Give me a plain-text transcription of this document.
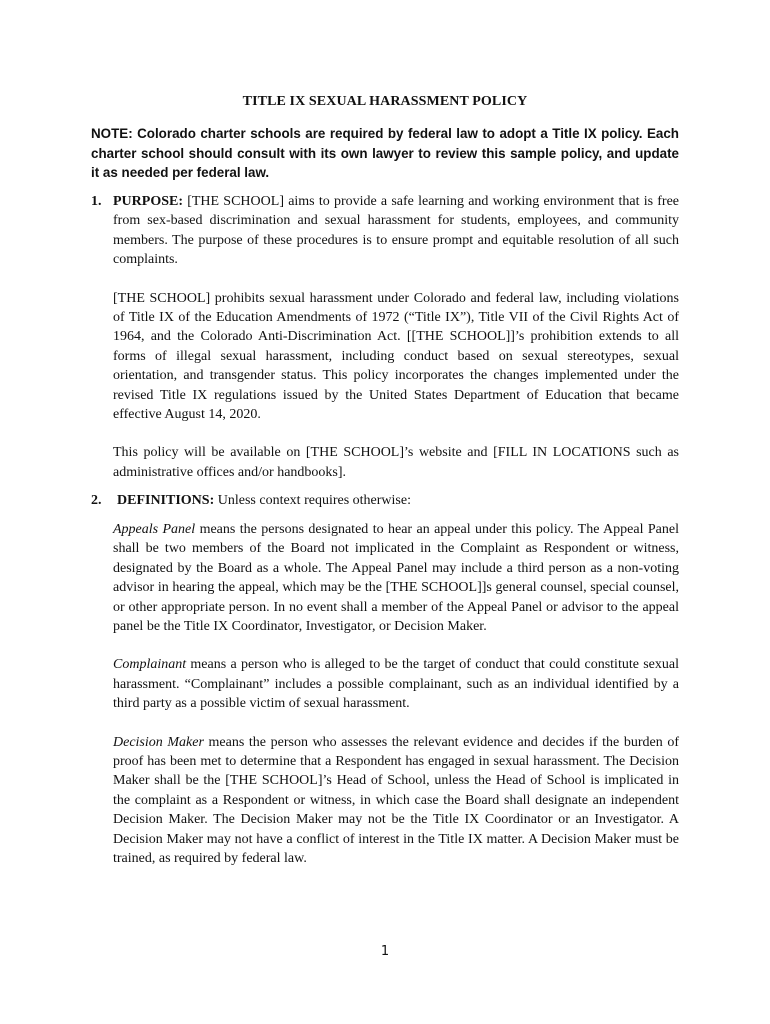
TITLE IX SEXUAL HARASSMENT POLICY
NOTE: Colorado charter schools are required by federal law to adopt a Title IX policy. Each charter school should consult with its own lawyer to review this sample policy, and update it as needed per federal law.
1. PURPOSE: [THE SCHOOL] aims to provide a safe learning and working environment that is free from sex-based discrimination and sexual harassment for students, employees, and community members. The purpose of these procedures is to ensure prompt and equitable resolution of all such complaints.

[THE SCHOOL] prohibits sexual harassment under Colorado and federal law, including violations of Title IX of the Education Amendments of 1972 (“Title IX”), Title VII of the Civil Rights Act of 1964, and the Colorado Anti-Discrimination Act. [[THE SCHOOL]]’s prohibition extends to all forms of illegal sexual harassment, including conduct based on sexual stereotypes, sexual orientation, and transgender status. This policy incorporates the changes implemented under the revised Title IX regulations issued by the United States Department of Education that became effective August 14, 2020.

This policy will be available on [THE SCHOOL]’s website and [FILL IN LOCATIONS such as administrative offices and/or handbooks].

2. DEFINITIONS: Unless context requires otherwise:

Appeals Panel means the persons designated to hear an appeal under this policy. The Appeal Panel shall be two members of the Board not implicated in the Complaint as Respondent or witness, designated by the Board as a whole. The Appeal Panel may include a third person as a non-voting advisor in hearing the appeal, which may be the [THE SCHOOL]]s general counsel, special counsel, or other appropriate person. In no event shall a member of the Appeal Panel or advisor to the appeal panel be the Title IX Coordinator, Investigator, or Decision Maker.

Complainant means a person who is alleged to be the target of conduct that could constitute sexual harassment. “Complainant” includes a possible complainant, such as an individual identified by a third party as a possible victim of sexual harassment.

Decision Maker means the person who assesses the relevant evidence and decides if the burden of proof has been met to determine that a Respondent has engaged in sexual harassment. The Decision Maker shall be the [THE SCHOOL]’s Head of School, unless the Head of School is implicated in the complaint as a Respondent or witness, in which case the Board shall designate an independent Decision Maker. The Decision Maker may not be the Title IX Coordinator or an Investigator. A Decision Maker may not have a conflict of interest in the Title IX matter. A Decision Maker must be trained, as required by federal law.

1
